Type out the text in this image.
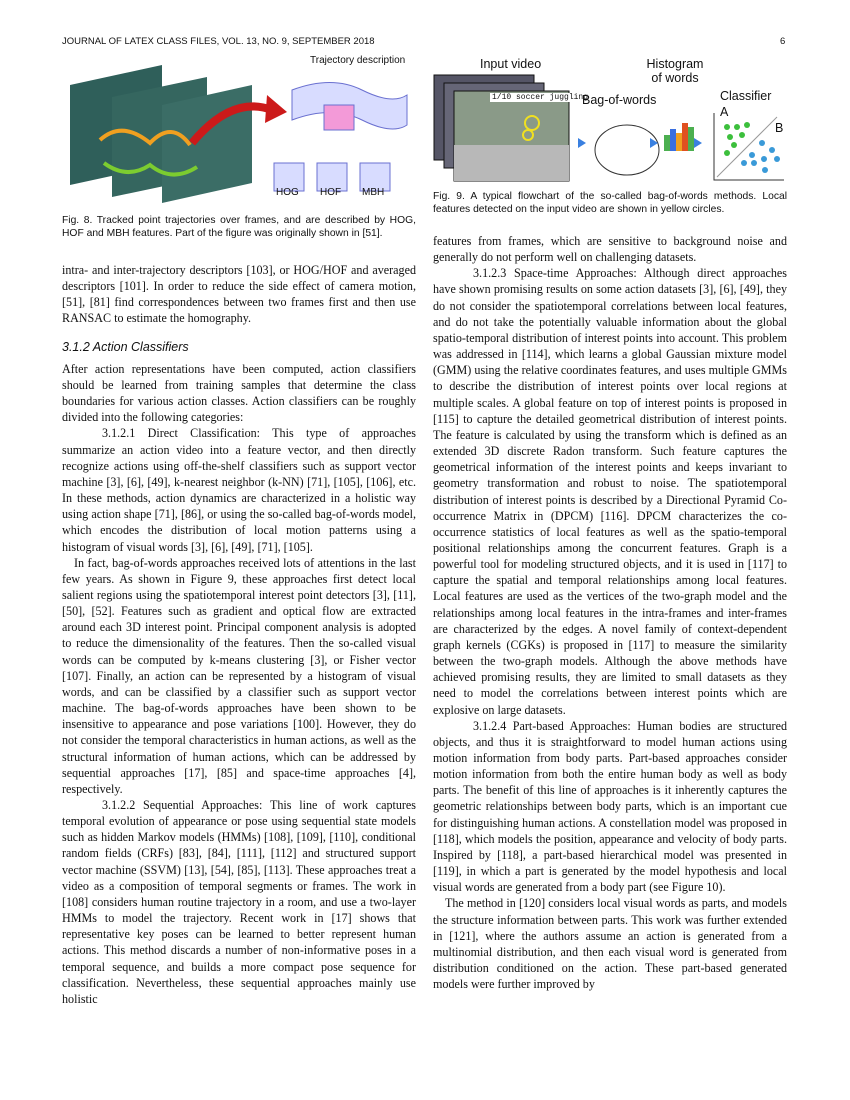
JOURNAL OF LATEX CLASS FILES, VOL. 13, NO. 9, SEPTEMBER 2018	6
Trajectory description
HOG HOF MBH
Fig. 8. Tracked point trajectories over frames, and are described by HOG, HOF and MBH features. Part of the figure was originally shown in [51].
Input video
1/10 soccer juggling
Histogram of words
Bag-of-words	Classifier
A
B
Fig. 9. A typical flowchart of the so-called bag-of-words methods. Local features detected on the input video are shown in yellow circles.

intra- and inter-trajectory descriptors [103], or HOG/HOF and averaged descriptors [101]. In order to reduce the side effect of camera motion, [51], [81] find correspondences between two frames first and then use RANSAC to estimate the homography.

3.1.2 Action Classifiers

After action representations have been computed, action classifiers should be learned from training samples that determine the class boundaries for various action classes. Action classifiers can be roughly divided into the following categories:

3.1.2.1 Direct Classification: This type of approaches summarize an action video into a feature vector, and then directly recognize actions using off-the-shelf classifiers such as support vector machine [3], [6], [49], k-nearest neighbor (k-NN) [71], [105], [106], etc. In these methods, action dynamics are characterized in a holistic way using action shape [71], [86], or using the so-called bag-of-words model, which encodes the distribution of local motion patterns using a histogram of visual words [3], [6], [49], [71], [105].

In fact, bag-of-words approaches received lots of attentions in the last few years. As shown in Figure 9, these approaches first detect local salient regions using the spatiotemporal interest point detectors [3], [11], [50], [52]. Features such as gradient and optical flow are extracted around each 3D interest point. Principal component analysis is adopted to reduce the dimensionality of the features. Then the so-called visual words can be computed by k-means clustering [3], or Fisher vector [107]. Finally, an action can be represented by a histogram of visual words, and can be classified by a classifier such as support vector machine. The bag-of-words approaches have been shown to be insensitive to appearance and pose variations [100]. However, they do not consider the temporal characteristics in human actions, as well as the structural information of human actions, which can be addressed by sequential approaches [17], [85] and space-time approaches [4], respectively.

3.1.2.2 Sequential Approaches: This line of work captures temporal evolution of appearance or pose using sequential state models such as hidden Markov models (HMMs) [108], [109], [110], conditional random fields (CRFs) [83], [84], [111], [112] and structured support vector machine (SSVM) [13], [54], [85], [113]. These approaches treat a video as a composition of temporal segments or frames. The work in [108] considers human routine trajectory in a room, and use a two-layer HMMs to model the trajectory. Recent work in [17] shows that representative key poses can be learned to better represent human actions. This method discards a number of non-informative poses in a temporal sequence, and builds a more compact pose sequence for classification. Nevertheless, these sequential approaches mainly use holistic

features from frames, which are sensitive to background noise and generally do not perform well on challenging datasets.

3.1.2.3 Space-time Approaches: Although direct approaches have shown promising results on some action datasets [3], [6], [49], they do not consider the spatiotemporal correlations between local features, and do not take the potentially valuable information about the global spatio-temporal distribution of interest points into account. This problem was addressed in [114], which learns a global Gaussian mixture model (GMM) using the relative coordinates features, and uses multiple GMMs to describe the distribution of interest points over local regions at multiple scales. A global feature on top of interest points is proposed in [115] to capture the detailed geometrical distribution of interest points. The feature is calculated by using the transform which is defined as an extended 3D discrete Radon transform. Such feature captures the geometrical information of the interest points and keeps invariant to geometry transformation and robust to noise. The spatiotemporal distribution of interest points is described by a Directional Pyramid Co-occurrence Matrix in (DPCM) [116]. DPCM characterizes the co-occurrence statistics of local features as well as the spatio-temporal positional relationships among the concurrent features. Graph is a powerful tool for modeling structured objects, and it is used in [117] to capture the spatial and temporal relationships among local features. Local features are used as the vertices of the two-graph model and the relationships among local features in the intra-frames and inter-frames are characterized by the edges. A novel family of context-dependent graph kernels (CGKs) is proposed in [117] to measure the similarity between the two-graph models. Although the above methods have achieved promising results, they are limited to small datasets as they need to model the correlations between interest points which are explosive on large datasets.

3.1.2.4 Part-based Approaches: Human bodies are structured objects, and thus it is straightforward to model human actions using motion information from body parts. Part-based approaches consider motion information from both the entire human body as well as body parts. The benefit of this line of approaches is it inherently captures the geometric relationships between body parts, which is an important cue for distinguishing human actions. A constellation model was proposed in [118], which models the position, appearance and velocity of body parts. Inspired by [118], a part-based hierarchical model was presented in [119], in which a part is generated by the model hypothesis and local visual words are generated from a body part (see Figure 10).

The method in [120] considers local visual words as parts, and models the structure information between parts. This work was further extended in [121], where the authors assume an action is generated from a multinomial distribution, and then each visual word is generated from distribution conditioned on the action. These part-based generated models were further improved by
